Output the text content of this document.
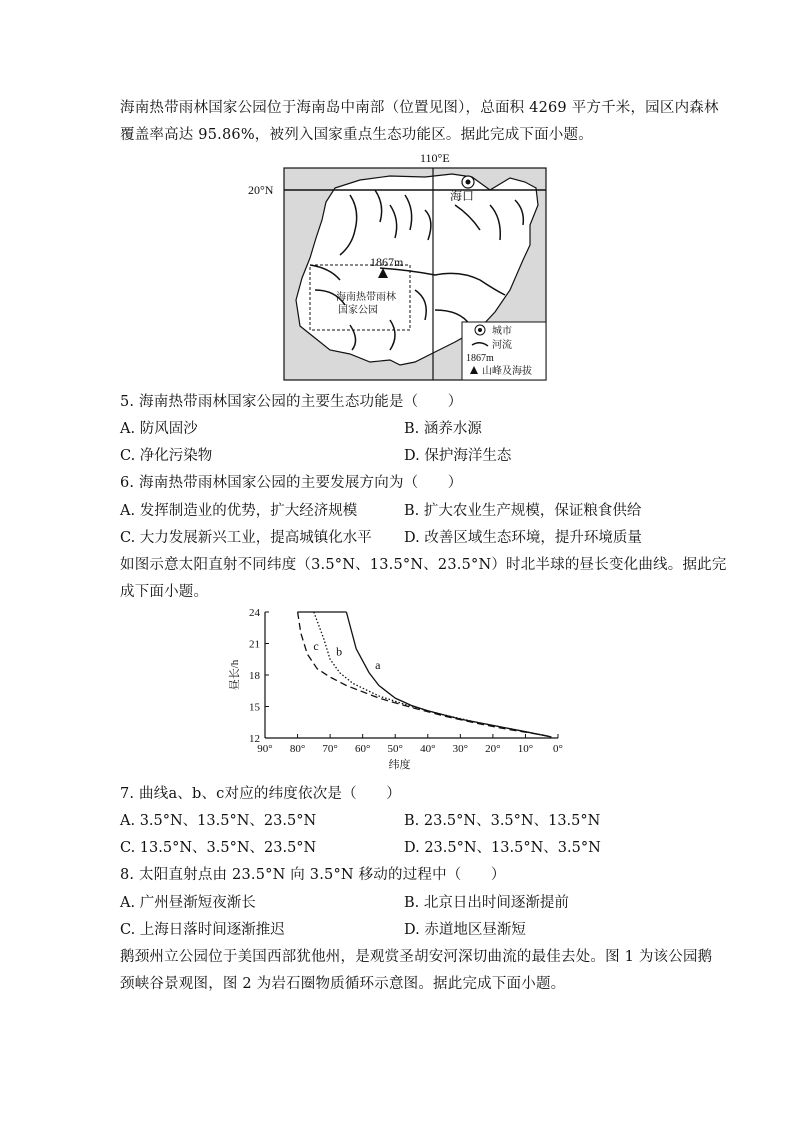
海南热带雨林国家公园位于海南岛中南部（位置见图），总面积 4269 平方千米，园区内森林
覆盖率高达 95.86%，被列入国家重点生态功能区。据此完成下面小题。
110°E
20°N
海南热带雨林
国家公园
1867m
海口
城市
河流
1867m
山峰及海拔
5. 海南热带雨林国家公园的主要生态功能是（　　）
A. 防风固沙	B. 涵养水源
C. 净化污染物	D. 保护海洋生态
6. 海南热带雨林国家公园的主要发展方向为（　　）
A. 发挥制造业的优势，扩大经济规模	B. 扩大农业生产规模，保证粮食供给
C. 大力发展新兴工业，提高城镇化水平 D. 改善区域生态环境，提升环境质量
如图示意太阳直射不同纬度（3.5°N、13.5°N、23.5°N）时北半球的昼长变化曲线。据此完
成下面小题。
12
15
18
21
24
90° 80° 70° 60° 50° 40° 30° 20° 10° 0°
昼长/h
纬度
a
b
c
7. 曲线a、b、c对应的纬度依次是（　　）
A. 3.5°N、13.5°N、23.5°N	B. 23.5°N、3.5°N、13.5°N
C. 13.5°N、3.5°N、23.5°N	D. 23.5°N、13.5°N、3.5°N
8. 太阳直射点由 23.5°N 向 3.5°N 移动的过程中（　　）
A. 广州昼渐短夜渐长	B. 北京日出时间逐渐提前
C. 上海日落时间逐渐推迟	D. 赤道地区昼渐短
鹅颈州立公园位于美国西部犹他州，是观赏圣胡安河深切曲流的最佳去处。图 1 为该公园鹅
颈峡谷景观图，图 2 为岩石圈物质循环示意图。据此完成下面小题。
